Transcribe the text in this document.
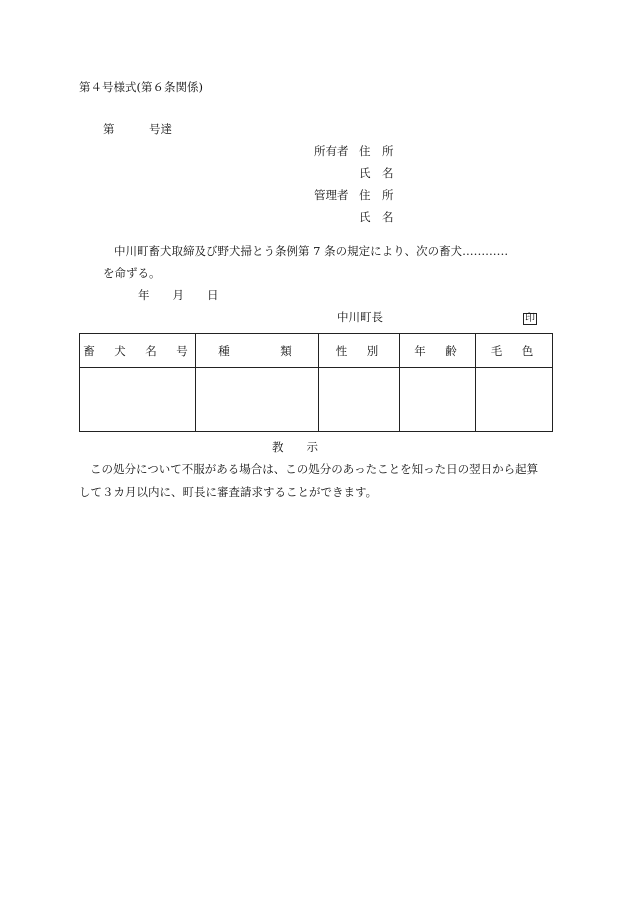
第４号様式(第６条関係)
第　　　号達
所有者 住　所
氏　名
管理者 住　所
氏　名
中川町畜犬取締及び野犬掃とう条例第 7 条の規定により、次の畜犬‥‥‥‥‥‥
を命ずる。
年　　月　　日
中川町長	印
畜　犬　名　号	種　　　類	性　別	年　齢	毛　色

教　　示
この処分について不服がある場合は、この処分のあったことを知った日の翌日から起算
して３カ月以内に、町長に審査請求することができます。
